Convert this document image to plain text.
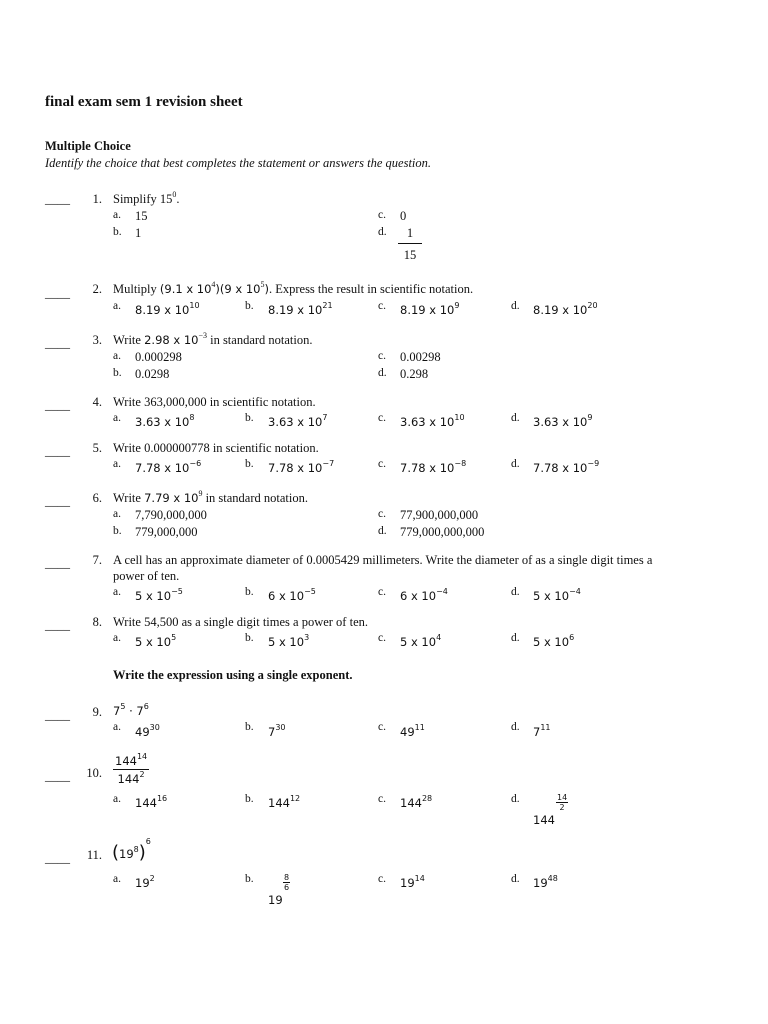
final exam sem 1 revision sheet
Multiple Choice
Identify the choice that best completes the statement or answers the question.
____	1. Simplify $15^0$.
a. 15
b. 1
c. 0
d. $\frac{1}{15}$
____	2. Multiply (9.1 x $10^4)(9$ x $10^5$). Express the result in scientific notation.
a. 8.19 x $10^{10}$	b. 8.19 x $10^{21}$	c. 8.19 x $10^9$	d. 8.19 x $10^{20}$
____	3. Write 2.98 x $10^{-3}$ in standard notation.
a. 0.000298
b. 0.0298
c. 0.00298
d. 0.298
____	4. Write 363,000,000 in scientific notation.
a. 3.63 x $10^8$	b. 3.63 x $10^7$	c. 3.63 x $10^{10}$	d. 3.63 x $10^9$
____	5. Write 0.000000778 in scientific notation.
a. 7.78 x $10^{-6}$	b. 7.78 x $10^{-7}$	c. 7.78 x $10^{-8}$	d. 7.78 x $10^{-9}$
____	6. Write 7.79 x $10^9$ in standard notation.
a. 7,790,000,000
b. 779,000,000
c. 77,900,000,000
d. 779,000,000,000
____	7. A cell has an approximate diameter of 0.0005429 millimeters. Write the diameter of as a single digit times a
power of ten.
a. 5 x $10^{-5}$	b. 6 x $10^{-5}$	c. 6 x $10^{-4}$	d. 5 x $10^{-4}$
____	8. Write 54,500 as a single digit times a power of ten.
a. 5 x $10^5$	b. 5 x $10^3$	c. 5 x $10^4$	d. 5 x $10^6$
Write the expression using a single exponent.
____	9. $7^5 \cdot 7^6$
a. $49^{30}$	b. $7^{30}$	c. $49^{11}$	d. $7^{11}$
____	10. $\frac{144^{14}}{144^2}$
a. $144^{16}$	b. $144^{12}$	c. $144^{28}$	d.
144
$\frac{14}{2}$
____	11. $(19^8)^6$
a. $19^2$	b.
19
$\frac{8}{6}$	c. $19^{14}$	d. $19^{48}$
